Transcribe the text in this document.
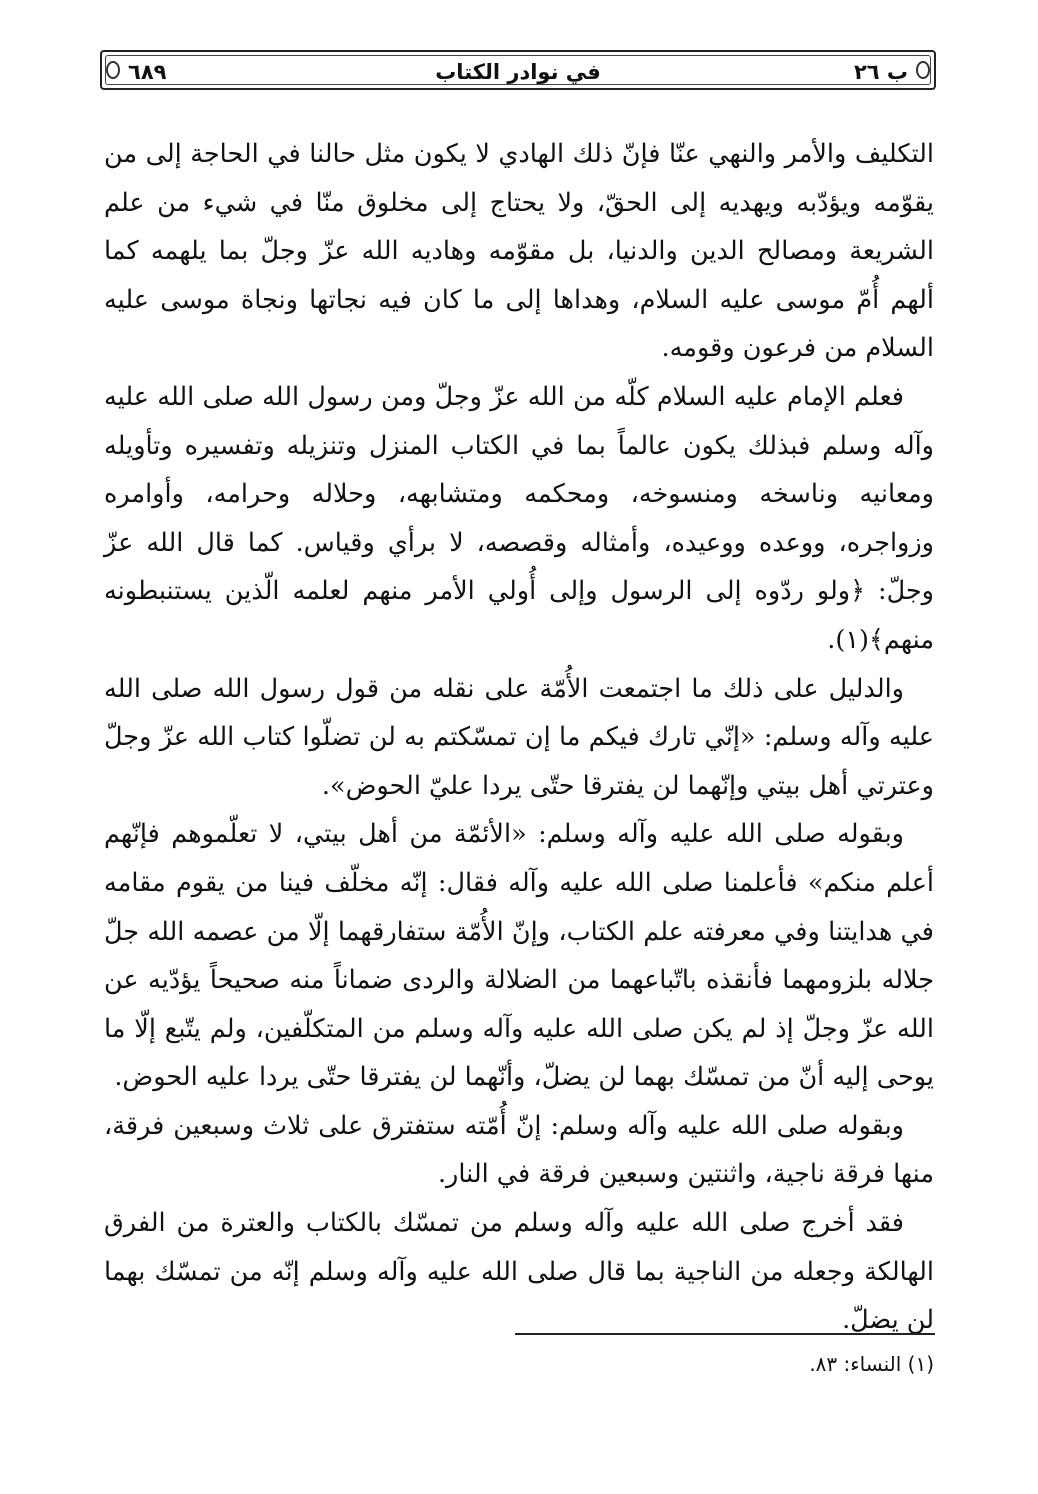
٦٨٩	في نوادر الكتاب	ب ٢٦

التكليف والأمر والنهي عنّا فإنّ ذلك الهادي لا يكون مثل حالنا في الحاجة إلى من يقوّمه ويؤدّبه ويهديه إلى الحقّ، ولا يحتاج إلى مخلوق منّا في شيء من علم الشريعة ومصالح الدين والدنيا، بل مقوّمه وهاديه الله عزّ وجلّ بما يلهمه كما ألهم أُمّ موسى عليه السلام، وهداها إلى ما كان فيه نجاتها ونجاة موسى عليه السلام من فرعون وقومه.

فعلم الإمام عليه السلام كلّه من الله عزّ وجلّ ومن رسول الله صلى الله عليه وآله وسلم فبذلك يكون عالماً بما في الكتاب المنزل وتنزيله وتفسيره وتأويله ومعانيه وناسخه ومنسوخه، ومحكمه ومتشابهه، وحلاله وحرامه، وأوامره وزواجره، ووعده ووعيده، وأمثاله وقصصه، لا برأي وقياس. كما قال الله عزّ وجلّ: ﴿ولو ردّوه إلى الرسول وإلى أُولي الأمر منهم لعلمه الّذين يستنبطونه منهم﴾(١).

والدليل على ذلك ما اجتمعت الأُمّة على نقله من قول رسول الله صلى الله عليه وآله وسلم: «إنّي تارك فيكم ما إن تمسّكتم به لن تضلّوا كتاب الله عزّ وجلّ وعترتي أهل بيتي وإنّهما لن يفترقا حتّى يردا عليّ الحوض».

وبقوله صلى الله عليه وآله وسلم: «الأئمّة من أهل بيتي، لا تعلّموهم فإنّهم أعلم منكم» فأعلمنا صلى الله عليه وآله فقال: إنّه مخلّف فينا من يقوم مقامه في هدايتنا وفي معرفته علم الكتاب، وإنّ الأُمّة ستفارقهما إلّا من عصمه الله جلّ جلاله بلزومهما فأنقذه باتّباعهما من الضلالة والردى ضماناً منه صحيحاً يؤدّيه عن الله عزّ وجلّ إذ لم يكن صلى الله عليه وآله وسلم من المتكلّفين، ولم يتّبع إلّا ما يوحى إليه أنّ من تمسّك بهما لن يضلّ، وأنّهما لن يفترقا حتّى يردا عليه الحوض.

وبقوله صلى الله عليه وآله وسلم: إنّ أُمّته ستفترق على ثلاث وسبعين فرقة، منها فرقة ناجية، واثنتين وسبعين فرقة في النار.

فقد أخرج صلى الله عليه وآله وسلم من تمسّك بالكتاب والعترة من الفرق الهالكة وجعله من الناجية بما قال صلى الله عليه وآله وسلم إنّه من تمسّك بهما لن يضلّ.

(١) النساء: ٨٣.
